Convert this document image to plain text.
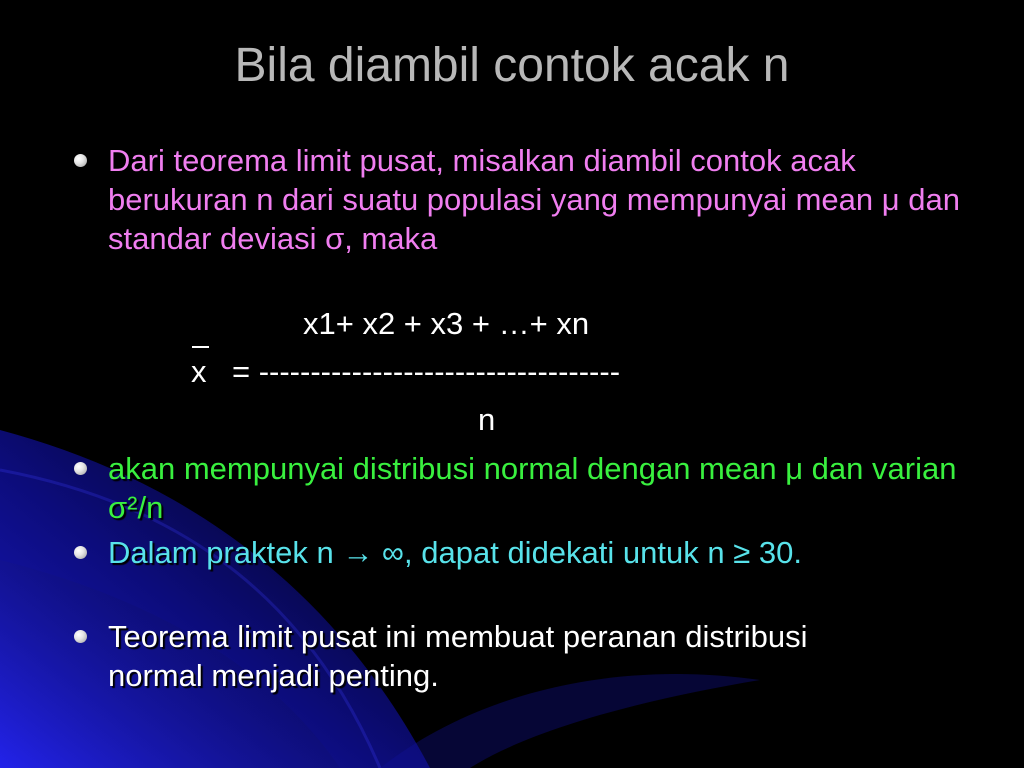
Bila diambil contok acak n
Dari teorema limit pusat, misalkan diambil contok acak berukuran n dari suatu populasi yang mempunyai mean μ dan standar deviasi σ, maka
x1+ x2 + x3 + …+ xn
x = -----------------------------------
n
akan mempunyai distribusi normal dengan mean μ dan varian σ²/n
Dalam praktek n → ∞, dapat didekati untuk n ≥ 30.
Teorema limit pusat ini membuat peranan distribusi normal menjadi penting.
